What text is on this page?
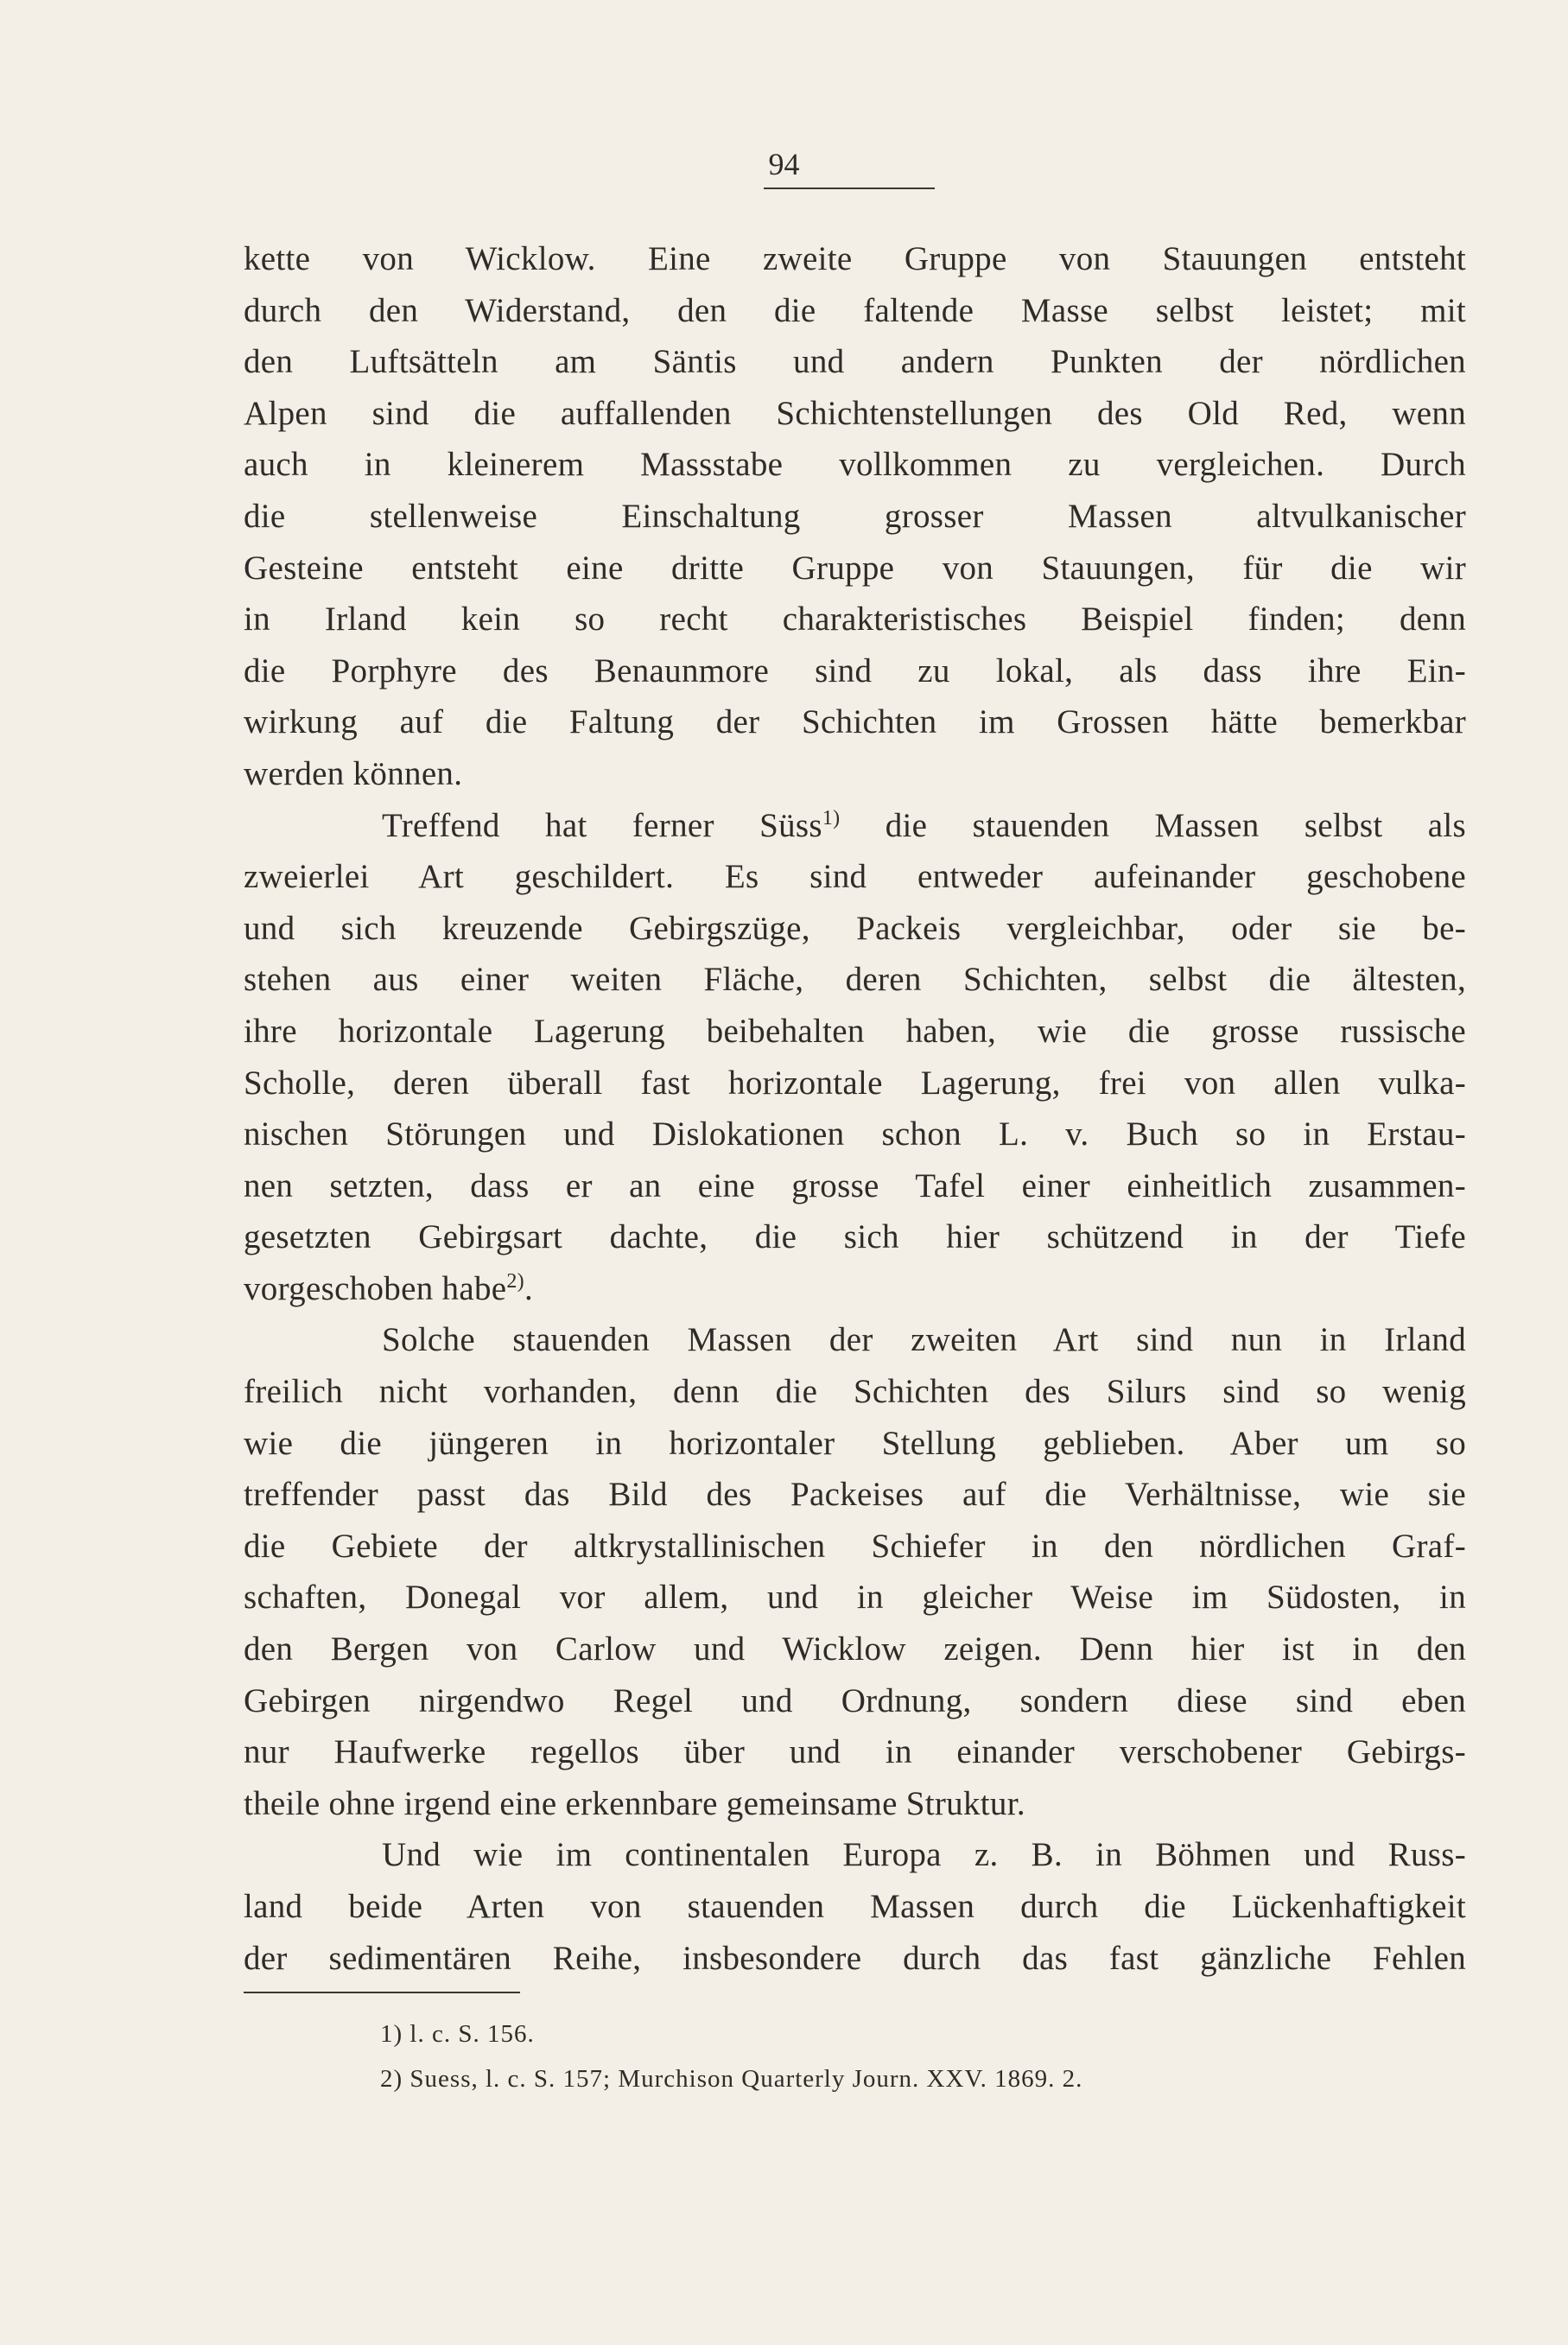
94
kette von Wicklow. Eine zweite Gruppe von Stauungen entsteht
durch den Widerstand, den die faltende Masse selbst leistet; mit
den Luftsätteln am Säntis und andern Punkten der nördlichen
Alpen sind die auffallenden Schichtenstellungen des Old Red, wenn
auch in kleinerem Massstabe vollkommen zu vergleichen. Durch
die stellenweise Einschaltung grosser Massen altvulkanischer
Gesteine entsteht eine dritte Gruppe von Stauungen, für die wir
in Irland kein so recht charakteristisches Beispiel finden; denn
die Porphyre des Benaunmore sind zu lokal, als dass ihre Ein-
wirkung auf die Faltung der Schichten im Grossen hätte bemerkbar
werden können.
Treffend hat ferner Süss$^{1)}$ die stauenden Massen selbst als
zweierlei Art geschildert. Es sind entweder aufeinander geschobene
und sich kreuzende Gebirgszüge, Packeis vergleichbar, oder sie be-
stehen aus einer weiten Fläche, deren Schichten, selbst die ältesten,
ihre horizontale Lagerung beibehalten haben, wie die grosse russische
Scholle, deren überall fast horizontale Lagerung, frei von allen vulka-
nischen Störungen und Dislokationen schon L. v. Buch so in Erstau-
nen setzten, dass er an eine grosse Tafel einer einheitlich zusammen-
gesetzten Gebirgsart dachte, die sich hier schützend in der Tiefe
vorgeschoben habe$^{2)}$.
Solche stauenden Massen der zweiten Art sind nun in Irland
freilich nicht vorhanden, denn die Schichten des Silurs sind so wenig
wie die jüngeren in horizontaler Stellung geblieben. Aber um so
treffender passt das Bild des Packeises auf die Verhältnisse, wie sie
die Gebiete der altkrystallinischen Schiefer in den nördlichen Graf-
schaften, Donegal vor allem, und in gleicher Weise im Südosten, in
den Bergen von Carlow und Wicklow zeigen. Denn hier ist in den
Gebirgen nirgendwo Regel und Ordnung, sondern diese sind eben
nur Haufwerke regellos über und in einander verschobener Gebirgs-
theile ohne irgend eine erkennbare gemeinsame Struktur.
Und wie im continentalen Europa z. B. in Böhmen und Russ-
land beide Arten von stauenden Massen durch die Lückenhaftigkeit
der sedimentären Reihe, insbesondere durch das fast gänzliche Fehlen
1) l. c. S. 156.
2) Suess, l. c. S. 157; Murchison Quarterly Journ. XXV. 1869. 2.
